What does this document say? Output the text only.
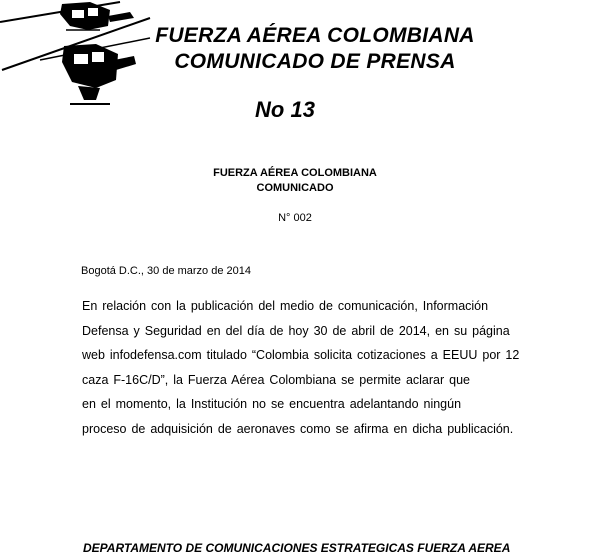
FUERZA AÉREA COLOMBIANA
COMUNICADO DE PRENSA
No 13
FUERZA AÉREA COLOMBIANA
COMUNICADO
N° 002
Bogotá D.C., 30 de marzo de 2014
En relación con la publicación del medio de comunicación, Información
Defensa y Seguridad en del día de hoy 30 de abril de 2014, en su página
web infodefensa.com titulado “Colombia solicita cotizaciones a EEUU por 12
caza F-16C/D”, la Fuerza Aérea Colombiana se permite aclarar que
en el momento, la Institución no se encuentra adelantando ningún
proceso de adquisición de aeronaves como se afirma en dicha publicación.
DEPARTAMENTO DE COMUNICACIONES ESTRATEGICAS FUERZA AEREA
